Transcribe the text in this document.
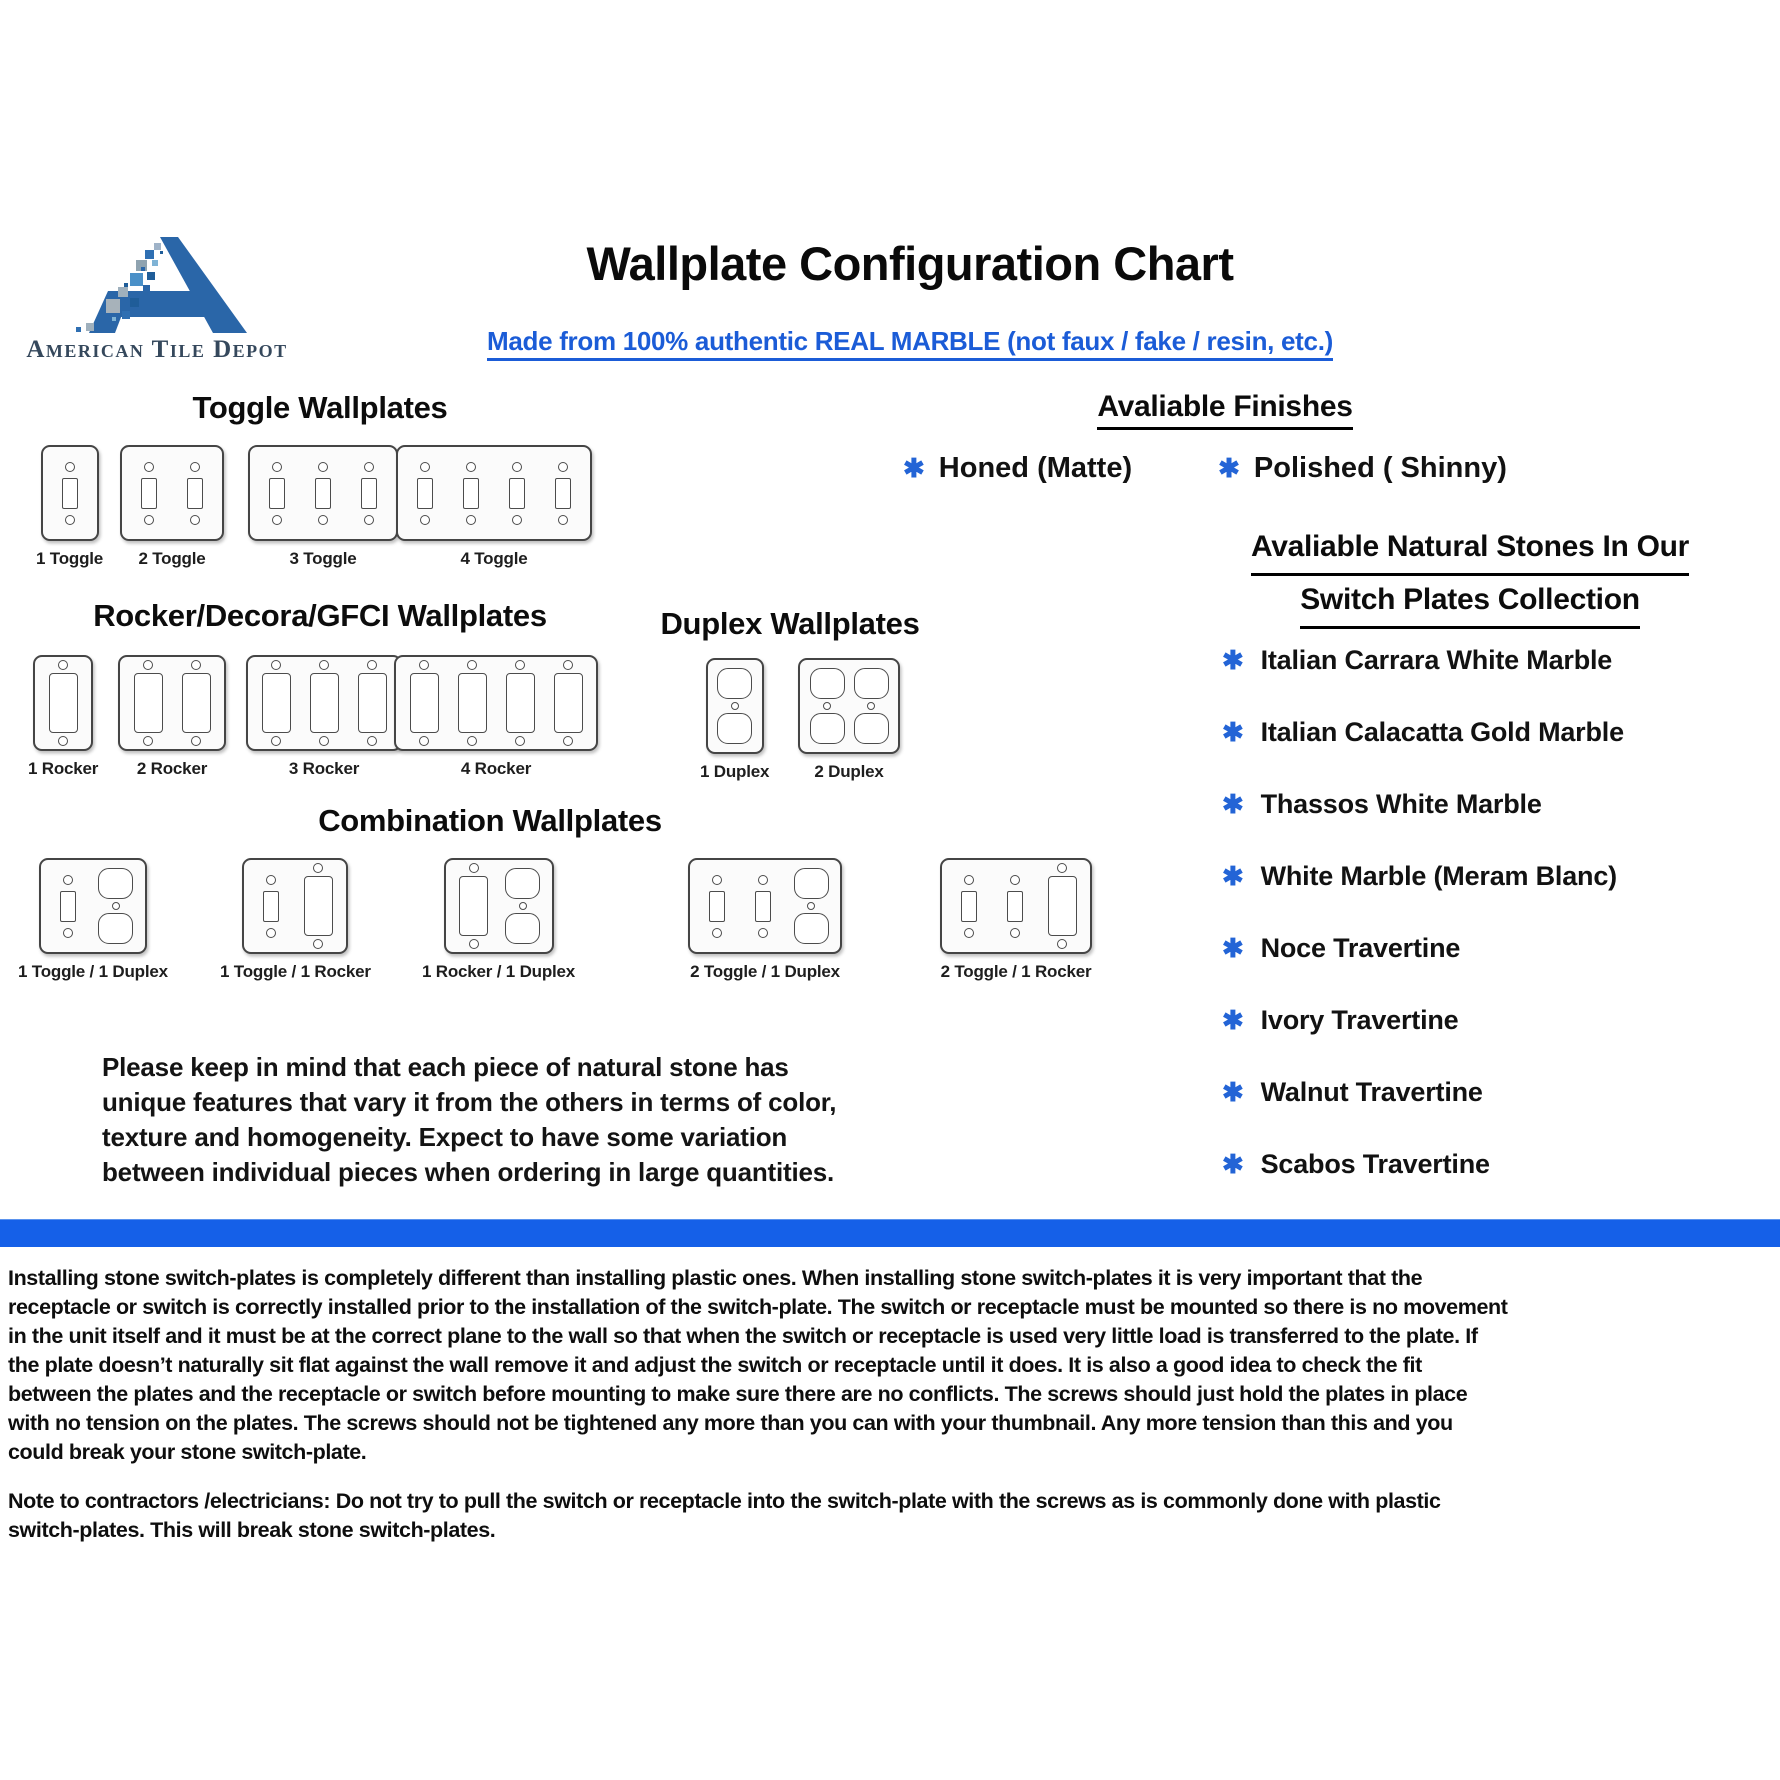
American Tile Depot
Wallplate Configuration Chart
Made from 100% authentic REAL MARBLE (not faux / fake / resin, etc.)
Toggle Wallplates
Rocker/Decora/GFCI Wallplates	Duplex Wallplates
Combination Wallplates
1 Toggle 2 Toggle	3 Toggle	4 Toggle
1 Rocker 2 Rocker	3 Rocker	4 Rocker	1 Duplex	2 Duplex
1 Toggle / 1 Duplex	1 Toggle / 1 Rocker	1 Rocker / 1 Duplex	2 Toggle / 1 Duplex	2 Toggle / 1 Rocker
Avaliable Finishes
✱ Honed (Matte)	✱ Polished ( Shinny)
Avaliable Natural Stones In Our
Switch Plates Collection
✱ Italian Carrara White Marble
✱ Italian Calacatta Gold Marble
✱ Thassos White Marble
✱ White Marble (Meram Blanc)
✱ Noce Travertine
✱ Ivory Travertine
✱ Walnut Travertine
✱ Scabos Travertine
Please keep in mind that each piece of natural stone has
unique features that vary it from the others in terms of color,
texture and homogeneity. Expect to have some variation
between individual pieces when ordering in large quantities.
Installing stone switch-plates is completely different than installing plastic ones. When installing stone switch-plates it is very important that the
receptacle or switch is correctly installed prior to the installation of the switch-plate. The switch or receptacle must be mounted so there is no movement
in the unit itself and it must be at the correct plane to the wall so that when the switch or receptacle is used very little load is transferred to the plate. If
the plate doesn’t naturally sit flat against the wall remove it and adjust the switch or receptacle until it does. It is also a good idea to check the fit
between the plates and the receptacle or switch before mounting to make sure there are no conflicts. The screws should just hold the plates in place
with no tension on the plates. The screws should not be tightened any more than you can with your thumbnail. Any more tension than this and you
could break your stone switch-plate.
Note to contractors /electricians: Do not try to pull the switch or receptacle into the switch-plate with the screws as is commonly done with plastic
switch-plates. This will break stone switch-plates.
